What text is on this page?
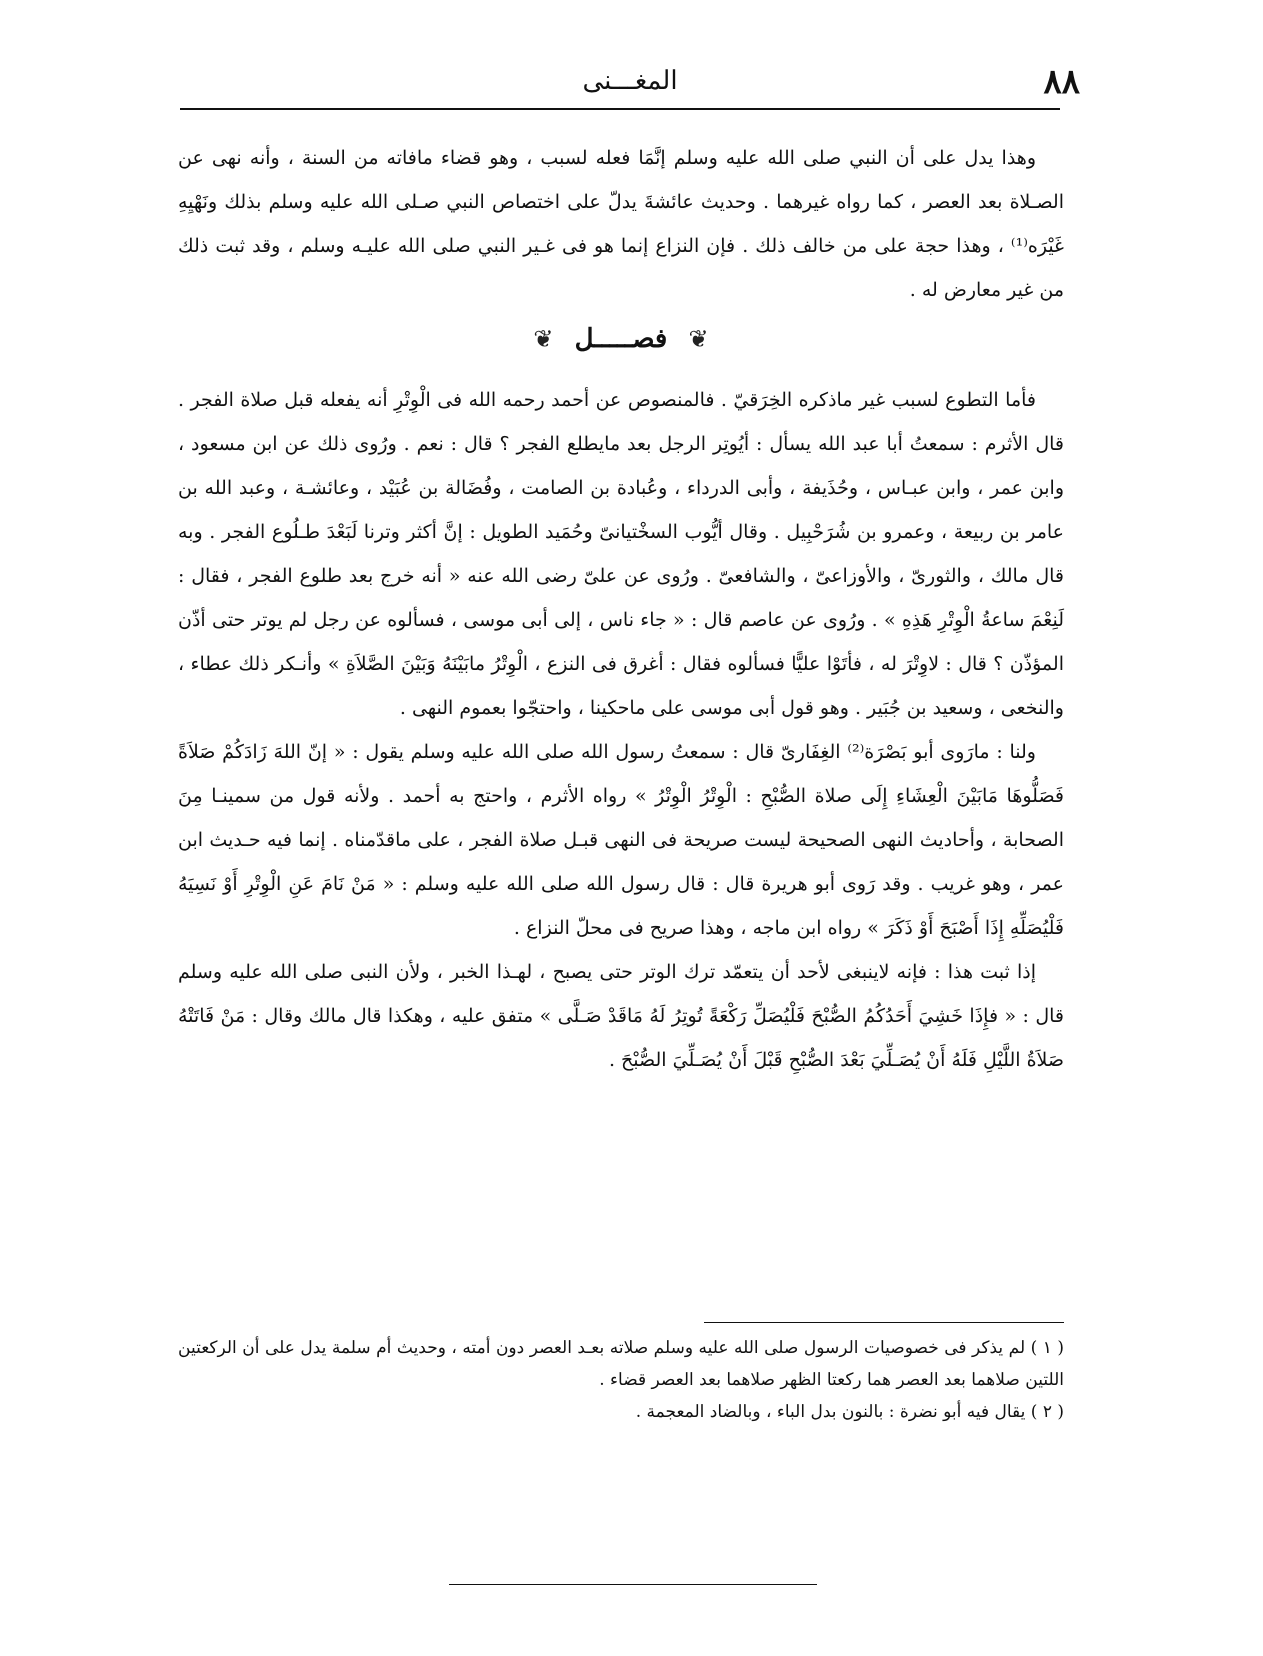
٨٨
المغـــنى

وهذا يدل على أن النبي صلى الله عليه وسلم إنَّمَا فعله لسبب ، وهو قضاء مافاته من السنة ، وأنه نهى عن الصـلاة بعد العصر ، كما رواه غيرهما . وحديث عائشةَ يدلّ على اختصاص النبي صـلى الله عليه وسلم بذلك ونَهْيِهِ غَيْرَه⁽¹⁾ ، وهذا حجة على من خالف ذلك . فإن النزاع إنما هو فى غـير النبي صلى الله عليـه وسلم ، وقد ثبت ذلك من غير معارض له .

❦ فصـــــل ❦

فأما التطوع لسبب غير ماذكره الخِرَقيّ . فالمنصوص عن أحمد رحمه الله فى الْوِتْرِ أنه يفعله قبل صلاة الفجر . قال الأثرم : سمعتُ أبا عبد الله يسأل : أيُوتِر الرجل بعد مايطلع الفجر ؟ قال : نعم . ورُوى ذلك عن ابن مسعود ، وابن عمر ، وابن عبـاس ، وحُذَيفة ، وأبى الدرداء ، وعُبادة بن الصامت ، وفُضَالة بن عُبَيْد ، وعائشـة ، وعبد الله بن عامر بن ربيعة ، وعمرو بن شُرَحْبِيل . وقال أيُّوب السخْتيانىّ وحُمَيد الطويل : إنَّ أكثر وترنا لَبَعْدَ طـلُوع الفجر . وبه قال مالك ، والثورىّ ، والأوزاعىّ ، والشافعىّ . ورُوى عن علىّ رضى الله عنه « أنه خرج بعد طلوع الفجر ، فقال : لَنِعْمَ ساعةُ الْوِتْرِ هَذِهِ » . ورُوى عن عاصم قال : « جاء ناس ، إلى أبى موسى ، فسألوه عن رجل لم يوتر حتى أذّن المؤذّن ؟ قال : لاوِتْرَ له ، فأتَوْا عليًّا فسألوه فقال : أغرق فى النزع ، الْوِتْرُ مابَيْنَهُ وَبَيْنَ الصَّلاَةِ » وأنـكر ذلك عطاء ، والنخعى ، وسعيد بن جُبَير . وهو قول أبى موسى على ماحكينا ، واحتجّوا بعموم النهى .

ولنا : مارَوى أبو بَصْرَة⁽²⁾ الغِفَارىّ قال : سمعتُ رسول الله صلى الله عليه وسلم يقول : « إنّ اللهَ زَادَكُمْ صَلاَةً فَصَلُّوهَا مَابَيْنَ الْعِشَاءِ إِلَى صلاة الصُّبْحِ : الْوِتْرُ الْوِتْرُ » رواه الأثرم ، واحتج به أحمد . ولأنه قول من سمينـا مِنَ الصحابة ، وأحاديث النهى الصحيحة ليست صريحة فى النهى قبـل صلاة الفجر ، على ماقدّمناه . إنما فيه حـديث ابن عمر ، وهو غريب . وقد رَوى أبو هريرة قال : قال رسول الله صلى الله عليه وسلم : « مَنْ نَامَ عَنِ الْوِتْرِ أَوْ نَسِيَهُ فَلْيُصَلِّهِ إِذَا أَصْبَحَ أَوْ ذَكَرَ » رواه ابن ماجه ، وهذا صريح فى محلّ النزاع .

إذا ثبت هذا : فإنه لاينبغى لأحد أن يتعمّد ترك الوتر حتى يصبح ، لهـذا الخبر ، ولأن النبى صلى الله عليه وسلم قال : « فإِذَا خَشِيَ أَحَدُكُمُ الصُّبْحَ فَلْيُصَلِّ رَكْعَةً تُوتِرُ لَهُ مَاقَدْ صَـلَّى » متفق عليه ، وهكذا قال مالك وقال : مَنْ فَاتَتْهُ صَلاَةُ اللَّيْلِ فَلَهُ أَنْ يُصَـلِّيَ بَعْدَ الصُّبْحِ قَبْلَ أَنْ يُصَـلِّيَ الصُّبْحَ .

( ١ ) لم يذكر فى خصوصيات الرسول صلى الله عليه وسلم صلاته بعـد العصر دون أمته ، وحديث أم سلمة يدل على أن الركعتين اللتين صلاهما بعد العصر هما ركعتا الظهر صلاهما بعد العصر قضاء .

( ٢ ) يقال فيه أبو نضرة : بالنون بدل الباء ، وبالضاد المعجمة .
